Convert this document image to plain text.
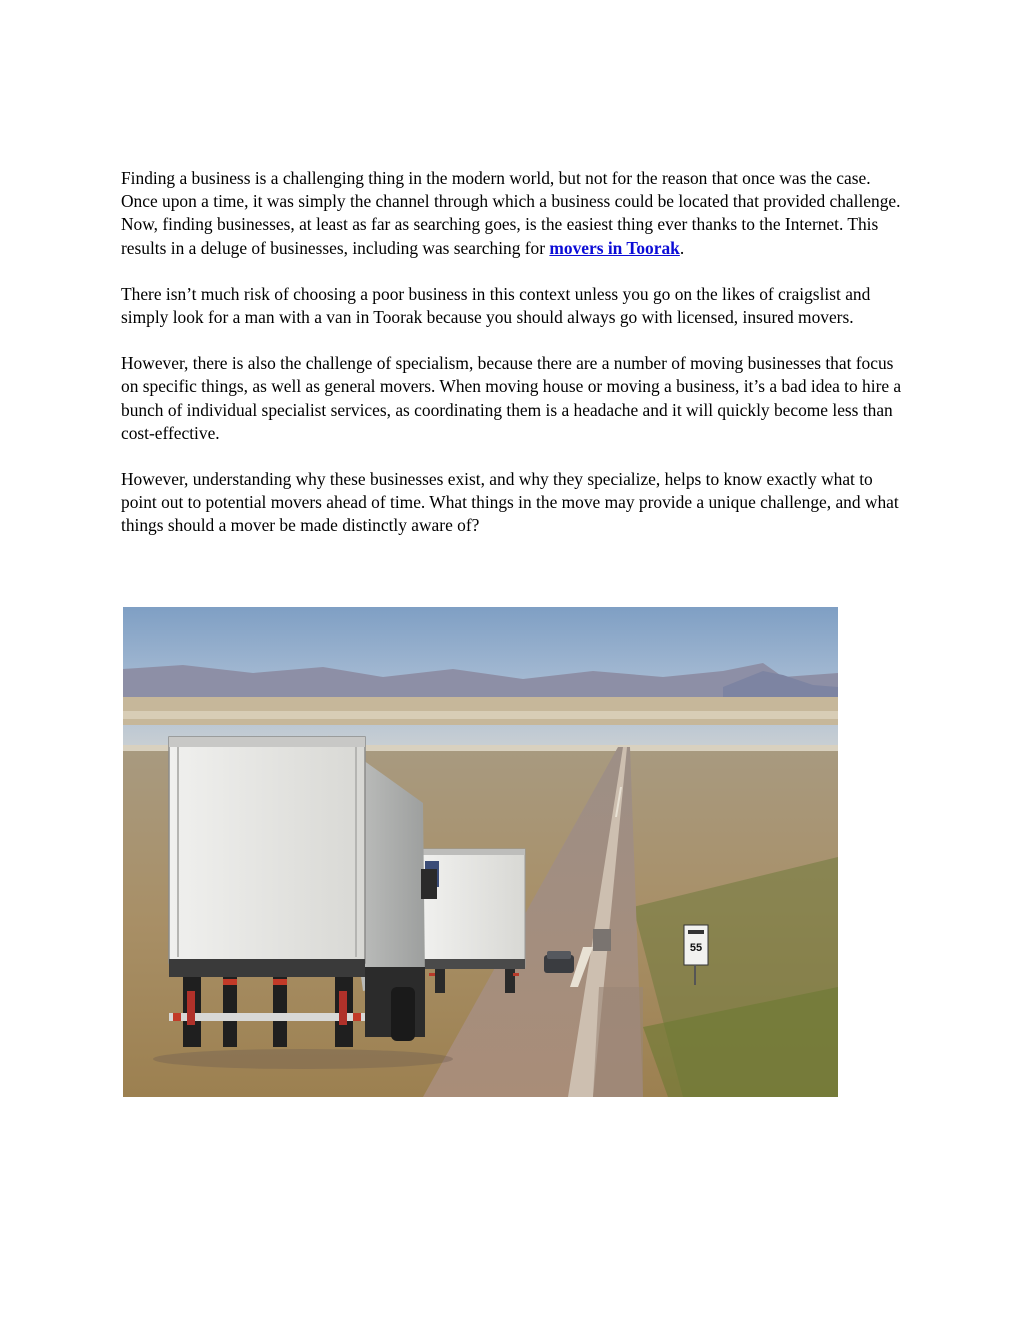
Finding a business is a challenging thing in the modern world, but not for the reason that once was the case. Once upon a time, it was simply the channel through which a business could be located that provided challenge. Now, finding businesses, at least as far as searching goes, is the easiest thing ever thanks to the Internet. This results in a deluge of businesses, including was searching for movers in Toorak.

There isn’t much risk of choosing a poor business in this context unless you go on the likes of craigslist and simply look for a man with a van in Toorak because you should always go with licensed, insured movers.

However, there is also the challenge of specialism, because there are a number of moving businesses that focus on specific things, as well as general movers. When moving house or moving a business, it’s a bad idea to hire a bunch of individual specialist services, as coordinating them is a headache and it will quickly become less than cost-effective.

However, understanding why these businesses exist, and why they specialize, helps to know exactly what to point out to potential movers ahead of time. What things in the move may provide a unique challenge, and what things should a mover be made distinctly aware of?

55
